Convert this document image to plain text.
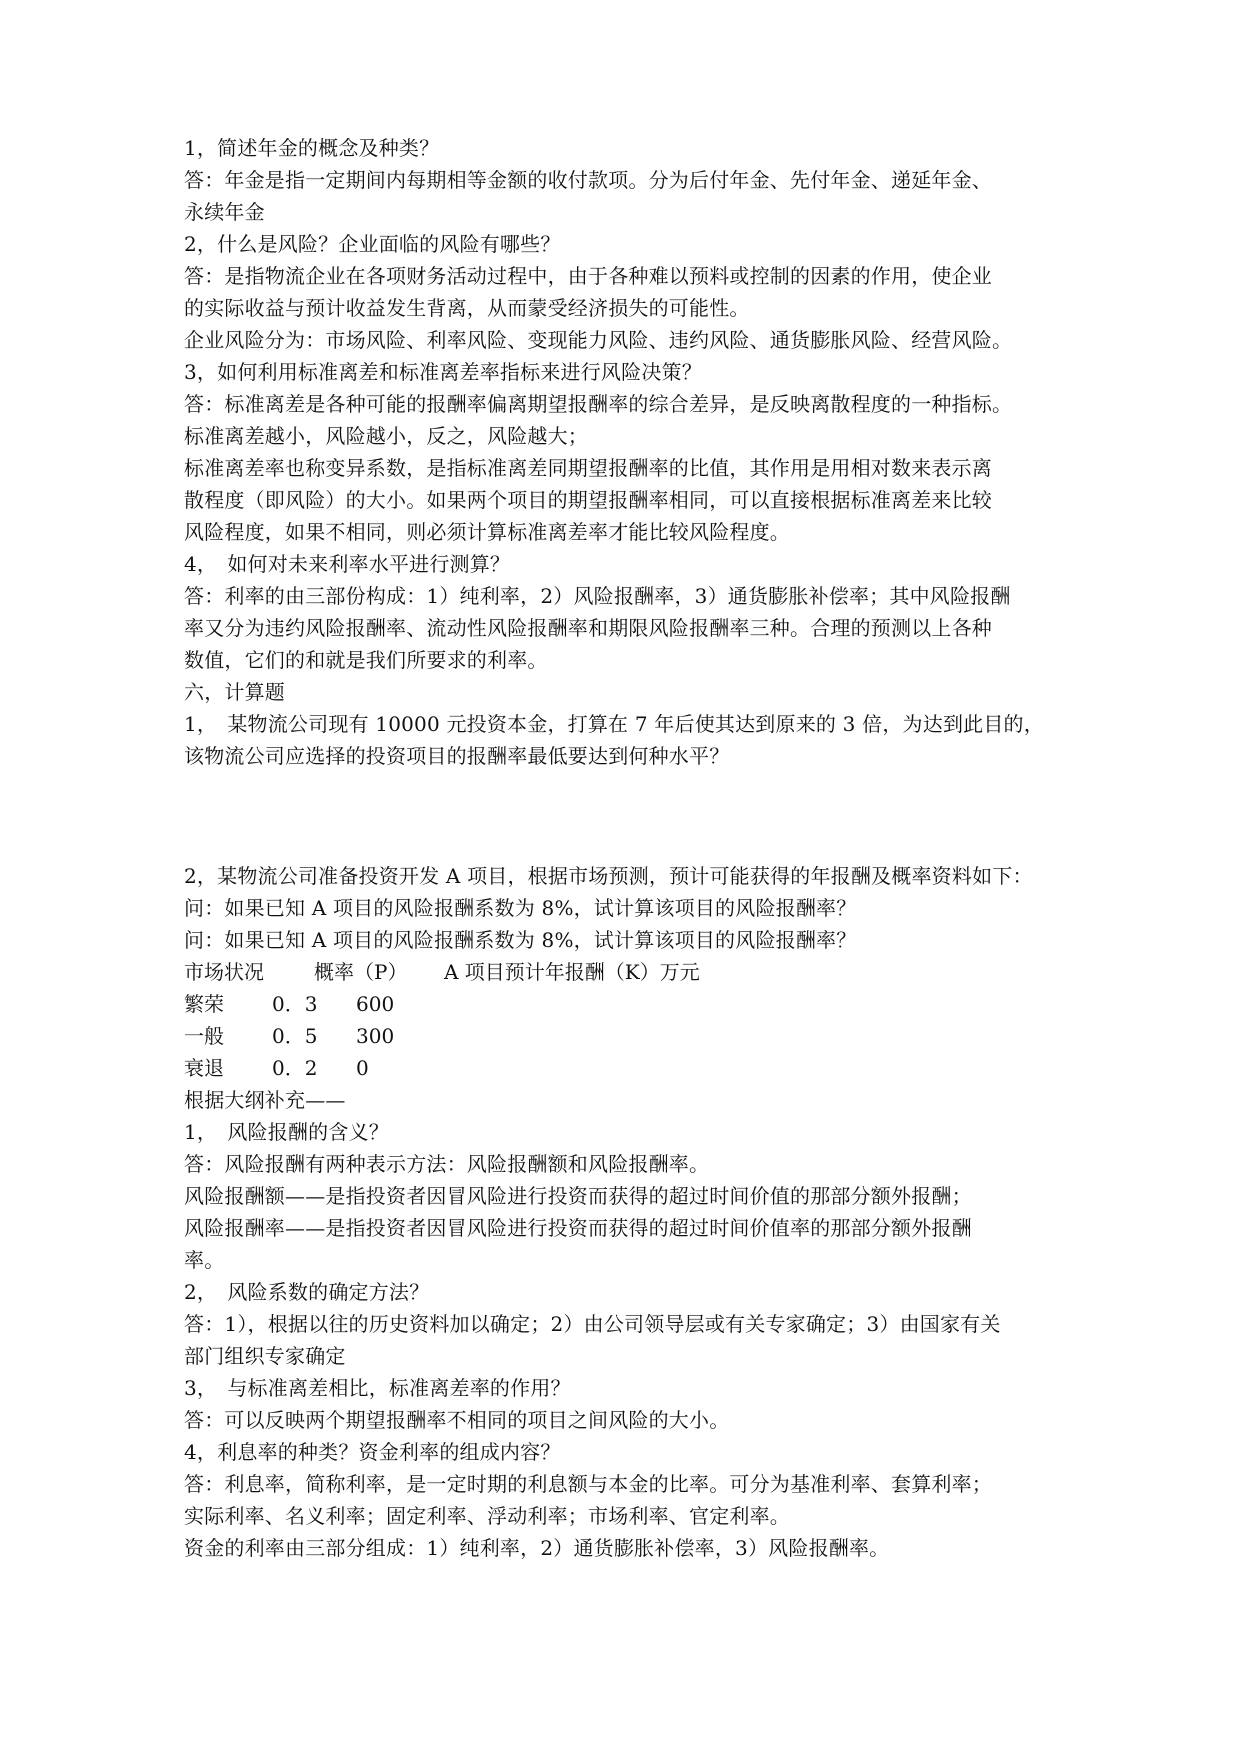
1，简述年金的概念及种类？
答：年金是指一定期间内每期相等金额的收付款项。分为后付年金、先付年金、递延年金、
永续年金
2，什么是风险？企业面临的风险有哪些？
答：是指物流企业在各项财务活动过程中，由于各种难以预料或控制的因素的作用，使企业
的实际收益与预计收益发生背离，从而蒙受经济损失的可能性。
企业风险分为：市场风险、利率风险、变现能力风险、违约风险、通货膨胀风险、经营风险。
3，如何利用标准离差和标准离差率指标来进行风险决策？
答：标准离差是各种可能的报酬率偏离期望报酬率的综合差异，是反映离散程度的一种指标。
标准离差越小，风险越小，反之，风险越大；
标准离差率也称变异系数，是指标准离差同期望报酬率的比值，其作用是用相对数来表示离
散程度（即风险）的大小。如果两个项目的期望报酬率相同，可以直接根据标准离差来比较
风险程度，如果不相同，则必须计算标准离差率才能比较风险程度。
4，　如何对未来利率水平进行测算？
答：利率的由三部份构成：1）纯利率，2）风险报酬率，3）通货膨胀补偿率；其中风险报酬
率又分为违约风险报酬率、流动性风险报酬率和期限风险报酬率三种。合理的预测以上各种
数值，它们的和就是我们所要求的利率。
六，计算题
1，　某物流公司现有 10000 元投资本金，打算在 7 年后使其达到原来的 3 倍，为达到此目的，
该物流公司应选择的投资项目的报酬率最低要达到何种水平？
2，某物流公司准备投资开发 A 项目，根据市场预测，预计可能获得的年报酬及概率资料如下：
问：如果已知 A 项目的风险报酬系数为 8%，试计算该项目的风险报酬率？
问：如果已知 A 项目的风险报酬系数为 8%，试计算该项目的风险报酬率？
市场状况	概率（P） A 项目预计年报酬（K）万元
繁荣 0．3 600
一般 0．5 300
衰退 0．2 0
根据大纲补充——
1，　风险报酬的含义？
答：风险报酬有两种表示方法：风险报酬额和风险报酬率。
风险报酬额——是指投资者因冒风险进行投资而获得的超过时间价值的那部分额外报酬；
风险报酬率——是指投资者因冒风险进行投资而获得的超过时间价值率的那部分额外报酬
率。
2，　风险系数的确定方法？
答：1），根据以往的历史资料加以确定；2）由公司领导层或有关专家确定；3）由国家有关
部门组织专家确定
3，　与标准离差相比，标准离差率的作用？
答：可以反映两个期望报酬率不相同的项目之间风险的大小。
4，利息率的种类？资金利率的组成内容？
答：利息率，简称利率，是一定时期的利息额与本金的比率。可分为基准利率、套算利率；
实际利率、名义利率；固定利率、浮动利率；市场利率、官定利率。
资金的利率由三部分组成：1）纯利率，2）通货膨胀补偿率，3）风险报酬率。
